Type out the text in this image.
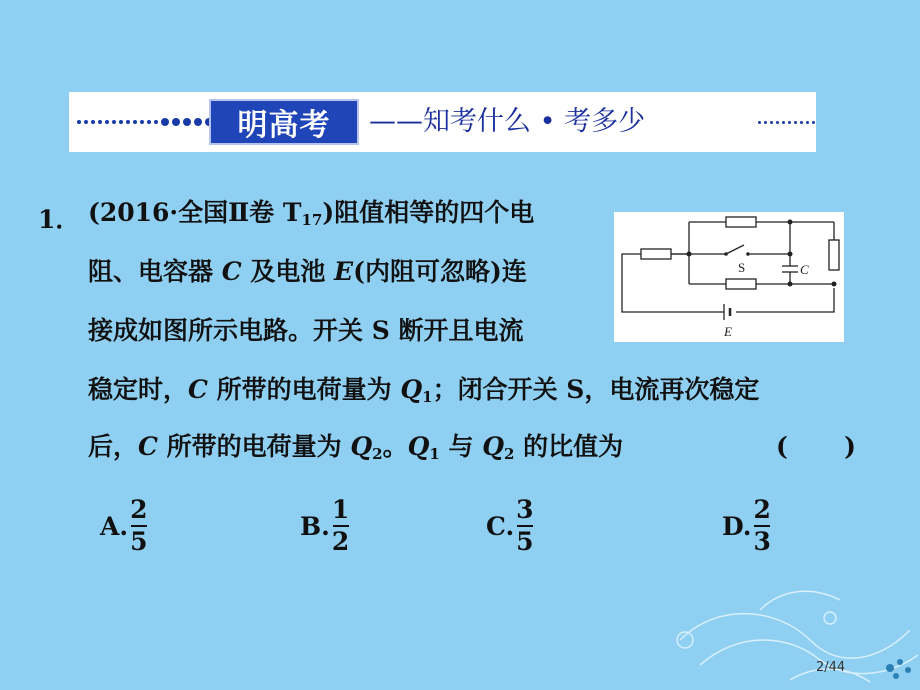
明高考	——知考什么 • 考多少
1． (2016·全国Ⅱ卷 $T_{17}$)阻值相等的四个电
阻、电容器 C 及电池 E(内阻可忽略)连
接成如图所示电路。开关 S 断开且电流
稳定时，C 所带的电荷量为 $Q_1$；闭合开关 S，电流再次稳定
后，C 所带的电荷量为 $Q_2$。$Q_1$ 与 $Q_2$ 的比值为	( )
S	C
E
A. $\frac{2}{5}$	B. $\frac{1}{2}$	C. $\frac{3}{5}$	D. $\frac{2}{3}$
2/44
